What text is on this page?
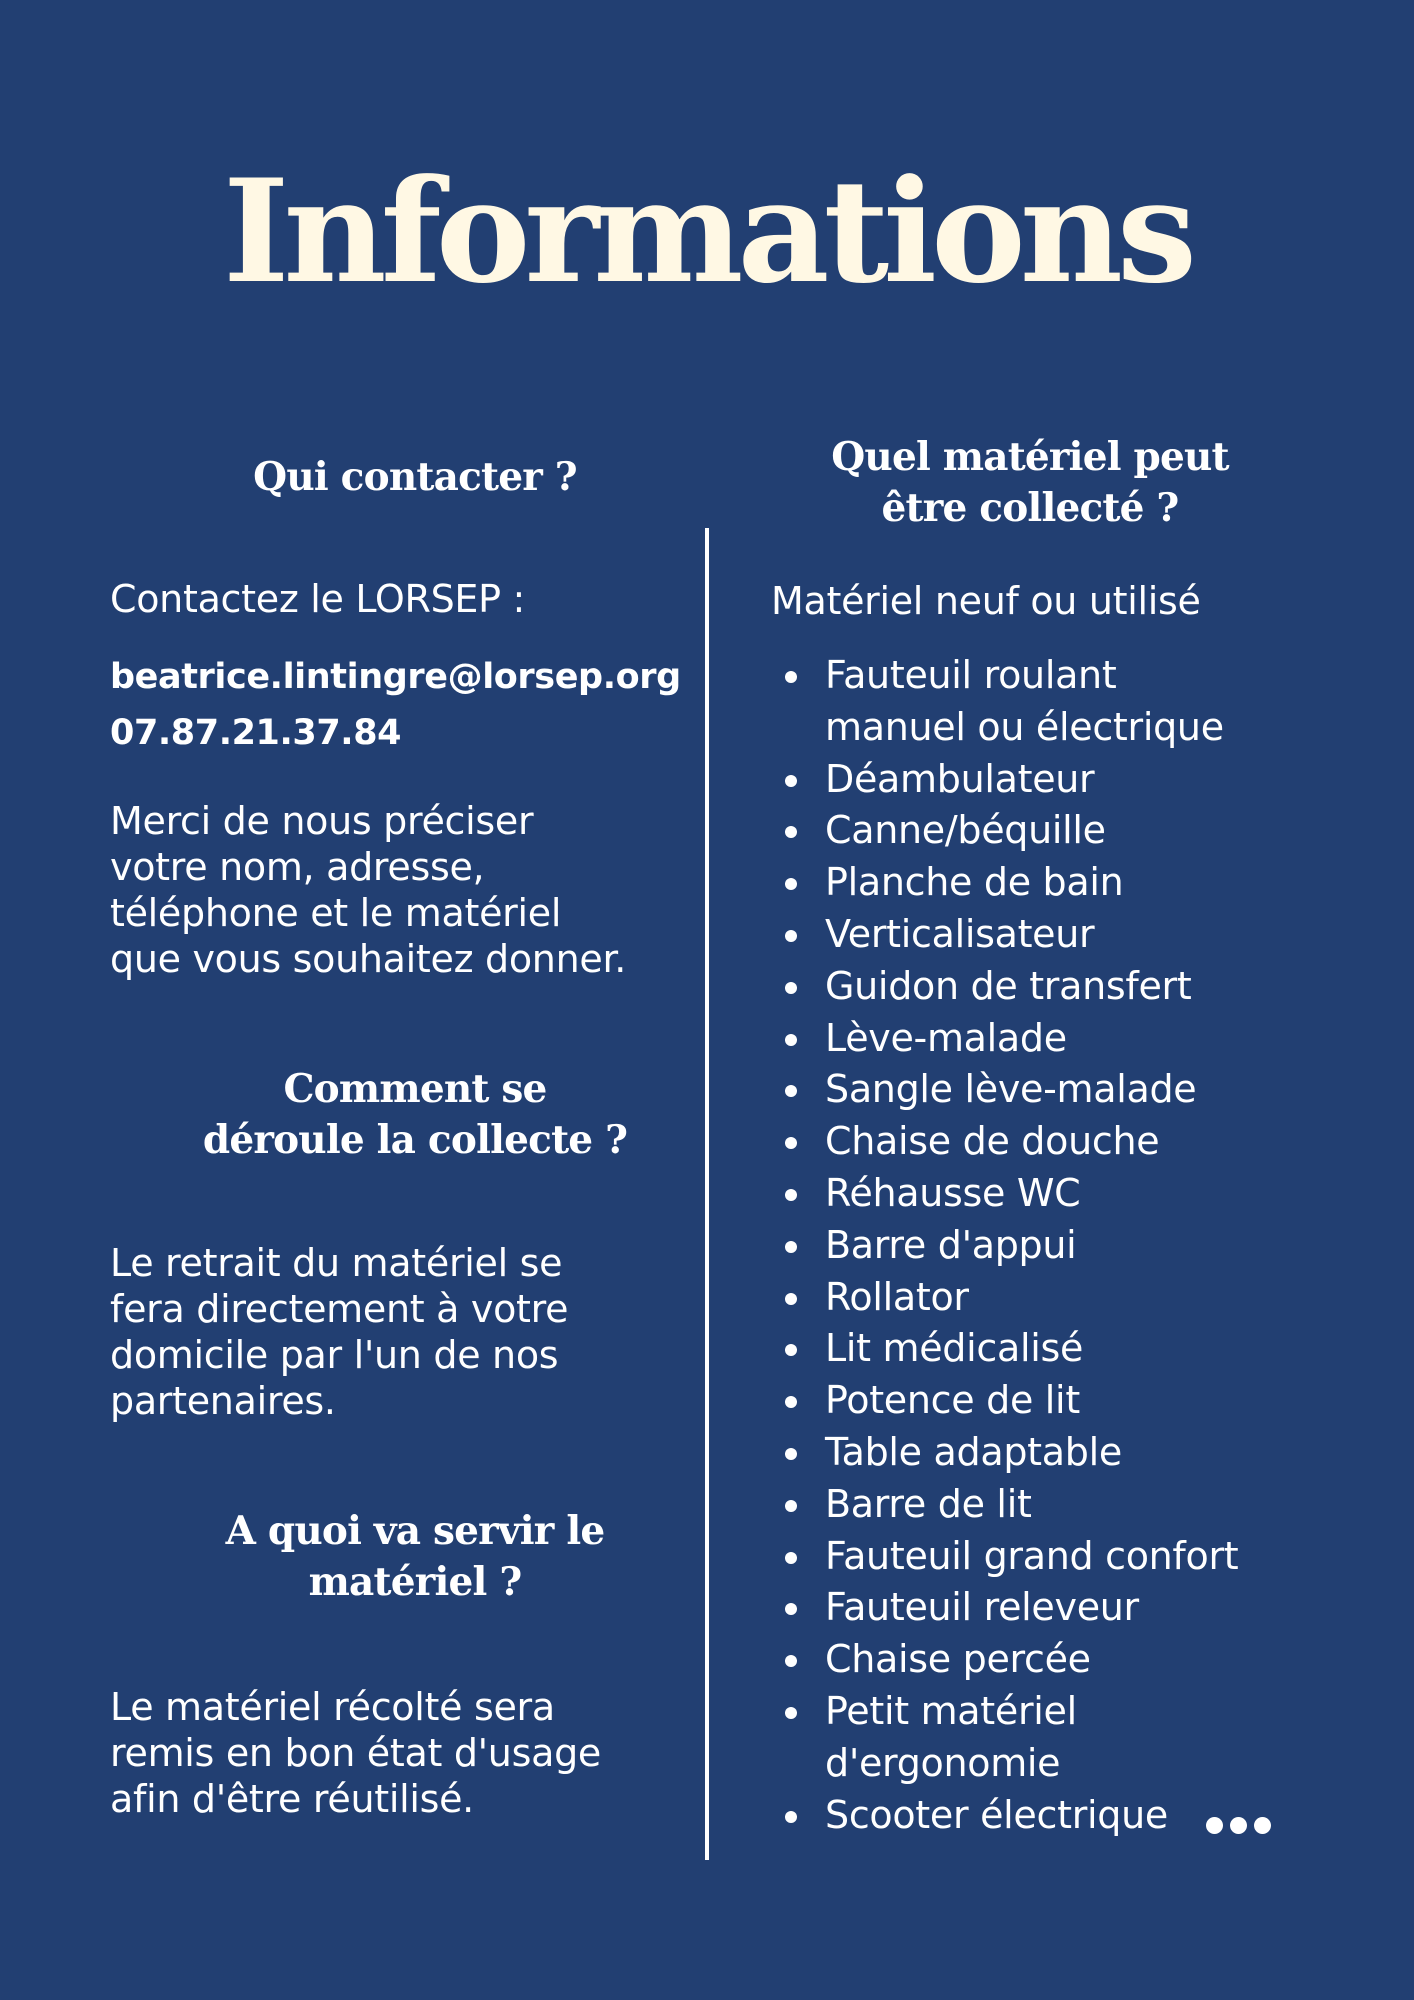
Informations
Qui contacter ?

Contactez le LORSEP :

beatrice.lintingre@lorsep.org

07.87.21.37.84

Merci de nous préciser
votre nom, adresse,
téléphone et le matériel
que vous souhaitez donner.

Comment se
déroule la collecte ?

Le retrait du matériel se
fera directement à votre
domicile par l'un de nos
partenaires.

A quoi va servir le
matériel ?

Le matériel récolté sera
remis en bon état d'usage
afin d'être réutilisé.

Quel matériel peut
être collecté ?

Matériel neuf ou utilisé

Fauteuil roulant
manuel ou électrique
Déambulateur
Canne/béquille
Planche de bain
Verticalisateur
Guidon de transfert
Lève-malade
Sangle lève-malade
Chaise de douche
Réhausse WC
Barre d'appui
Rollator
Lit médicalisé
Potence de lit
Table adaptable
Barre de lit
Fauteuil grand confort
Fauteuil releveur
Chaise percée
Petit matériel
d'ergonomie
Scooter électrique
